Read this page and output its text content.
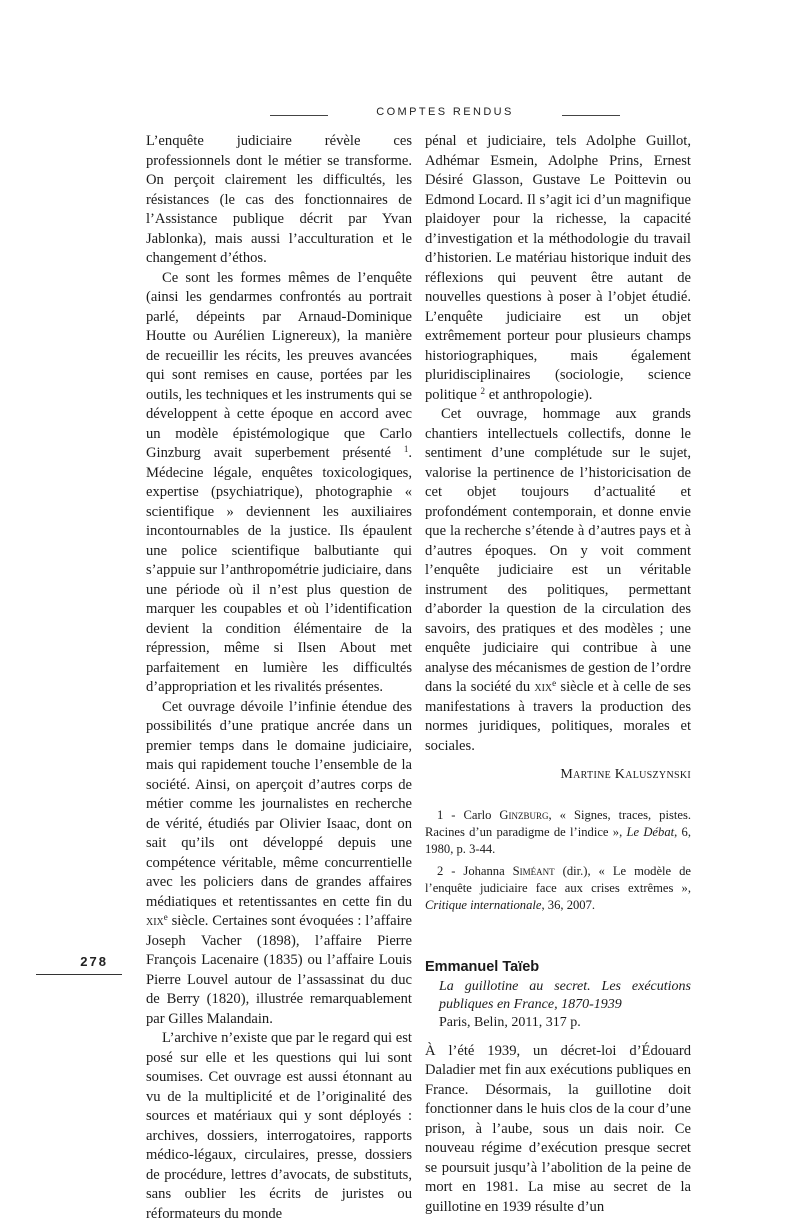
COMPTES RENDUS

L’enquête judiciaire révèle ces professionnels dont le métier se transforme. On perçoit clairement les difficultés, les résistances (le cas des fonctionnaires de l’Assistance publique décrit par Yvan Jablonka), mais aussi l’acculturation et le changement d’éthos.

Ce sont les formes mêmes de l’enquête (ainsi les gendarmes confrontés au portrait parlé, dépeints par Arnaud-Dominique Houtte ou Aurélien Lignereux), la manière de recueillir les récits, les preuves avancées qui sont remises en cause, portées par les outils, les techniques et les instruments qui se développent à cette époque en accord avec un modèle épistémologique que Carlo Ginzburg avait superbement présenté $^1$. Médecine légale, enquêtes toxicologiques, expertise (psychiatrique), photographie « scientifique » deviennent les auxiliaires incontournables de la justice. Ils épaulent une police scientifique balbutiante qui s’appuie sur l’anthropométrie judiciaire, dans une période où il n’est plus question de marquer les coupables et où l’identification devient la condition élémentaire de la répression, même si Ilsen About met parfaitement en lumière les difficultés d’appropriation et les rivalités présentes.

Cet ouvrage dévoile l’infinie étendue des possibilités d’une pratique ancrée dans un premier temps dans le domaine judiciaire, mais qui rapidement touche l’ensemble de la société. Ainsi, on aperçoit d’autres corps de métier comme les journalistes en recherche de vérité, étudiés par Olivier Isaac, dont on sait qu’ils ont développé depuis une compétence véritable, même concurrentielle avec les policiers dans de grandes affaires médiatiques et retentissantes en cette fin du xix$^e$ siècle. Certaines sont évoquées : l’affaire Joseph Vacher (1898), l’affaire Pierre François Lacenaire (1835) ou l’affaire Louis Pierre Louvel autour de l’assassinat du duc de Berry (1820), illustrée remarquablement par Gilles Malandain.

L’archive n’existe que par le regard qui est posé sur elle et les questions qui lui sont soumises. Cet ouvrage est aussi étonnant au vu de la multiplicité et de l’originalité des sources et matériaux qui y sont déployés : archives, dossiers, interrogatoires, rapports médico-légaux, circulaires, presse, dossiers de procédure, lettres d’avocats, de substituts, sans oublier les écrits de juristes ou réformateurs du monde

pénal et judiciaire, tels Adolphe Guillot, Adhémar Esmein, Adolphe Prins, Ernest Désiré Glasson, Gustave Le Poittevin ou Edmond Locard. Il s’agit ici d’un magnifique plaidoyer pour la richesse, la capacité d’investigation et la méthodologie du travail d’historien. Le matériau historique induit des réflexions qui peuvent être autant de nouvelles questions à poser à l’objet étudié. L’enquête judiciaire est un objet extrêmement porteur pour plusieurs champs historiographiques, mais également pluridisciplinaires (sociologie, science politique $^2$ et anthropologie).

Cet ouvrage, hommage aux grands chantiers intellectuels collectifs, donne le sentiment d’une complétude sur le sujet, valorise la pertinence de l’historicisation de cet objet toujours d’actualité et profondément contemporain, et donne envie que la recherche s’étende à d’autres pays et à d’autres époques. On y voit comment l’enquête judiciaire est un véritable instrument des politiques, permettant d’aborder la question de la circulation des savoirs, des pratiques et des modèles ; une enquête judiciaire qui contribue à une analyse des mécanismes de gestion de l’ordre dans la société du xix$^e$ siècle et à celle de ses manifestations à travers la production des normes juridiques, politiques, morales et sociales.

Martine Kaluszynski

1 - Carlo Ginzburg, « Signes, traces, pistes. Racines d’un paradigme de l’indice », Le Débat, 6, 1980, p. 3-44.

2 - Johanna Siméant (dir.), « Le modèle de l’enquête judiciaire face aux crises extrêmes », Critique internationale, 36, 2007.

Emmanuel Taïeb
La guillotine au secret. Les exécutions publiques en France, 1870-1939
Paris, Belin, 2011, 317 p.

À l’été 1939, un décret-loi d’Édouard Daladier met fin aux exécutions publiques en France. Désormais, la guillotine doit fonctionner dans le huis clos de la cour d’une prison, à l’aube, sous un dais noir. Ce nouveau régime d’exécution presque secret se poursuit jusqu’à l’abolition de la peine de mort en 1981. La mise au secret de la guillotine en 1939 résulte d’un

278
